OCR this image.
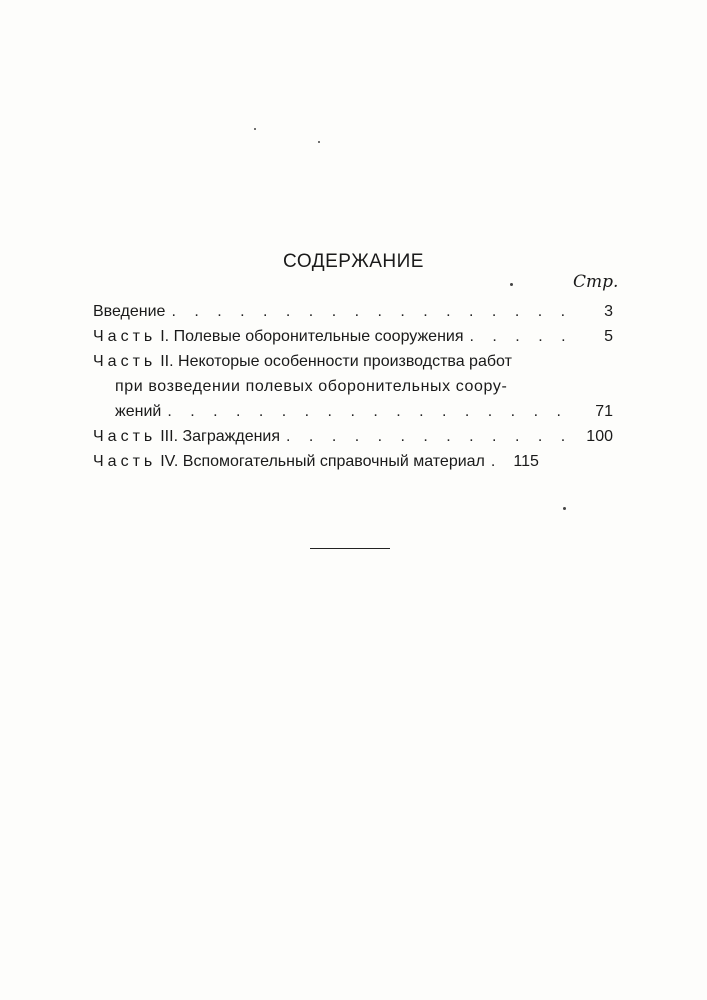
СОДЕРЖАНИЕ
Стр.
Введение . . .	3
Часть I. Полевые оборонительные сооружения . . .	5
Часть II. Некоторые особенности производства работ
при возведении полевых оборонительных соору-
жений . . .	71
Часть III. Заграждения . . .	100
Часть IV. Вспомогательный справочный материал . . . 115
